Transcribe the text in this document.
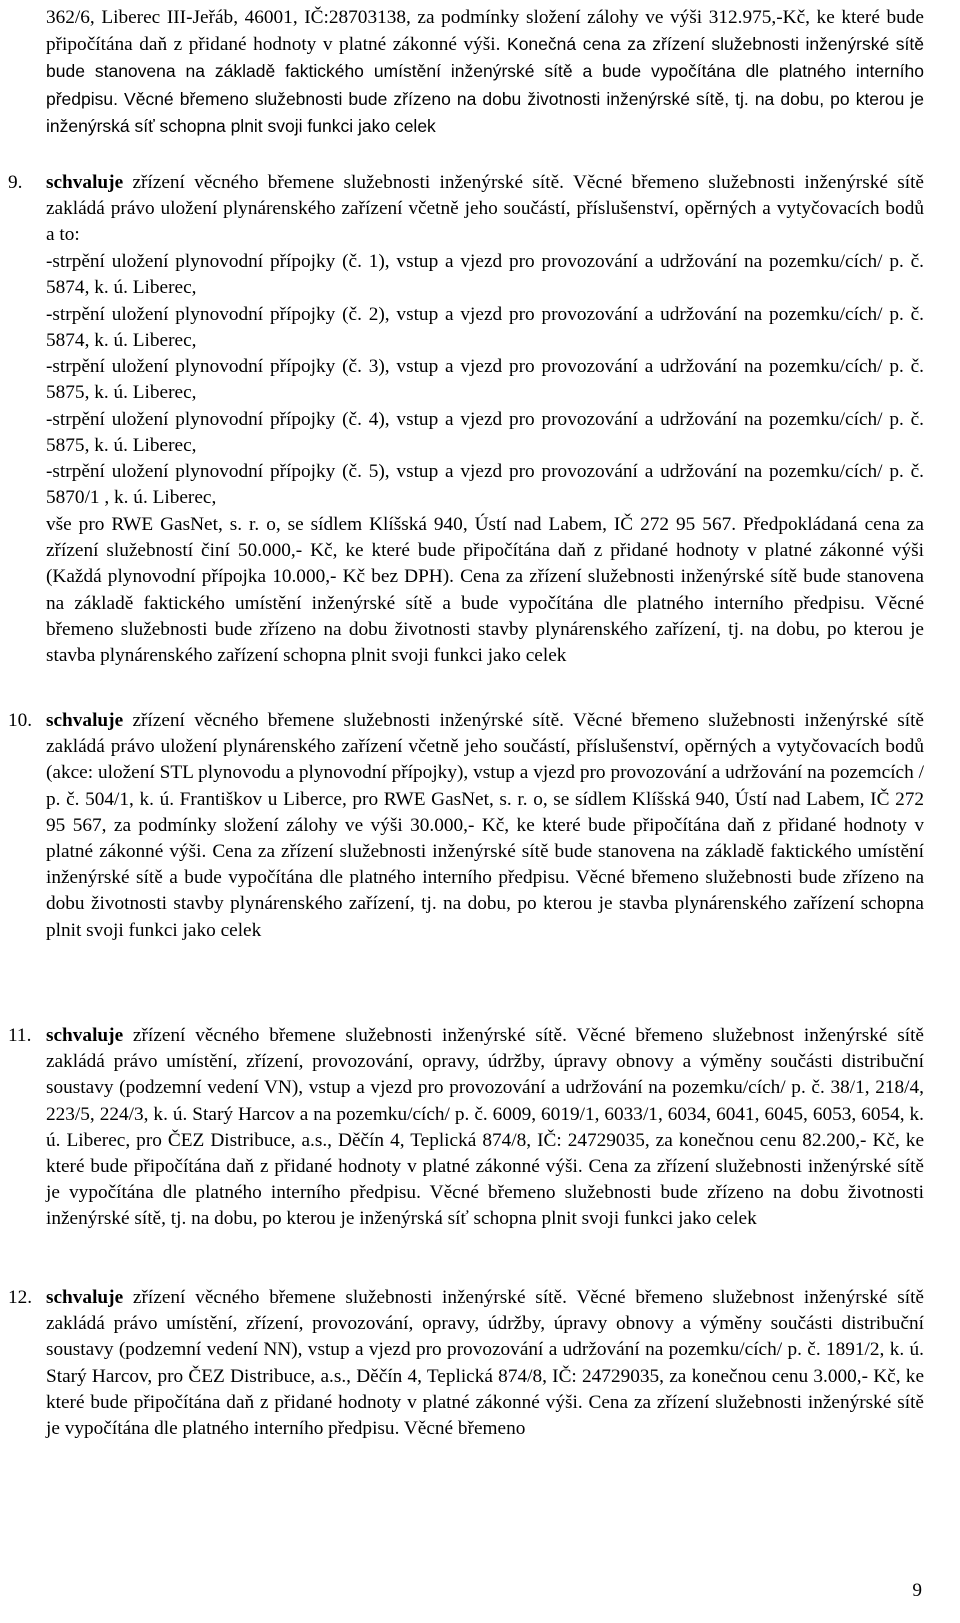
362/6, Liberec III-Jeřáb, 46001, IČ:28703138, za podmínky složení zálohy ve výši 312.975,-Kč, ke které bude připočítána daň z přidané hodnoty v platné zákonné výši. Konečná cena za zřízení služebnosti inženýrské sítě bude stanovena na základě faktického umístění inženýrské sítě a bude vypočítána dle platného interního předpisu. Věcné břemeno služebnosti bude zřízeno na dobu životnosti inženýrské sítě, tj. na dobu, po kterou je inženýrská síť schopna plnit svoji funkci jako celek

9. schvaluje zřízení věcného břemene služebnosti inženýrské sítě. Věcné břemeno služebnosti inženýrské sítě zakládá právo uložení plynárenského zařízení včetně jeho součástí, příslušenství, opěrných a vytyčovacích bodů a to:

-strpění uložení plynovodní přípojky (č. 1), vstup a vjezd pro provozování a udržování na pozemku/cích/ p. č. 5874, k. ú. Liberec,

-strpění uložení plynovodní přípojky (č. 2), vstup a vjezd pro provozování a udržování na pozemku/cích/ p. č. 5874, k. ú. Liberec,

-strpění uložení plynovodní přípojky (č. 3), vstup a vjezd pro provozování a udržování na pozemku/cích/ p. č. 5875, k. ú. Liberec,

-strpění uložení plynovodní přípojky (č. 4), vstup a vjezd pro provozování a udržování na pozemku/cích/ p. č. 5875, k. ú. Liberec,

-strpění uložení plynovodní přípojky (č. 5), vstup a vjezd pro provozování a udržování na pozemku/cích/ p. č. 5870/1 , k. ú. Liberec,

vše pro RWE GasNet, s. r. o, se sídlem Klíšská 940, Ústí nad Labem, IČ 272 95 567. Předpokládaná cena za zřízení služebností činí 50.000,- Kč, ke které bude připočítána daň z přidané hodnoty v platné zákonné výši (Každá plynovodní přípojka 10.000,- Kč bez DPH). Cena za zřízení služebnosti inženýrské sítě bude stanovena na základě faktického umístění inženýrské sítě a bude vypočítána dle platného interního předpisu. Věcné břemeno služebnosti bude zřízeno na dobu životnosti stavby plynárenského zařízení, tj. na dobu, po kterou je stavba plynárenského zařízení schopna plnit svoji funkci jako celek

10. schvaluje zřízení věcného břemene služebnosti inženýrské sítě. Věcné břemeno služebnosti inženýrské sítě zakládá právo uložení plynárenského zařízení včetně jeho součástí, příslušenství, opěrných a vytyčovacích bodů (akce: uložení STL plynovodu a plynovodní přípojky), vstup a vjezd pro provozování a udržování na pozemcích / p. č. 504/1, k. ú. Františkov u Liberce, pro RWE GasNet, s. r. o, se sídlem Klíšská 940, Ústí nad Labem, IČ 272 95 567, za podmínky složení zálohy ve výši 30.000,- Kč, ke které bude připočítána daň z přidané hodnoty v platné zákonné výši. Cena za zřízení služebnosti inženýrské sítě bude stanovena na základě faktického umístění inženýrské sítě a bude vypočítána dle platného interního předpisu. Věcné břemeno služebnosti bude zřízeno na dobu životnosti stavby plynárenského zařízení, tj. na dobu, po kterou je stavba plynárenského zařízení schopna plnit svoji funkci jako celek

11. schvaluje zřízení věcného břemene služebnosti inženýrské sítě. Věcné břemeno služebnost inženýrské sítě zakládá právo umístění, zřízení, provozování, opravy, údržby, úpravy obnovy a výměny součásti distribuční soustavy (podzemní vedení VN), vstup a vjezd pro provozování a udržování na pozemku/cích/ p. č. 38/1, 218/4, 223/5, 224/3, k. ú. Starý Harcov a na pozemku/cích/ p. č. 6009, 6019/1, 6033/1, 6034, 6041, 6045, 6053, 6054, k. ú. Liberec, pro ČEZ Distribuce, a.s., Děčín 4, Teplická 874/8, IČ: 24729035, za konečnou cenu 82.200,- Kč, ke které bude připočítána daň z přidané hodnoty v platné zákonné výši. Cena za zřízení služebnosti inženýrské sítě je vypočítána dle platného interního předpisu. Věcné břemeno služebnosti bude zřízeno na dobu životnosti inženýrské sítě, tj. na dobu, po kterou je inženýrská síť schopna plnit svoji funkci jako celek

12. schvaluje zřízení věcného břemene služebnosti inženýrské sítě. Věcné břemeno služebnost inženýrské sítě zakládá právo umístění, zřízení, provozování, opravy, údržby, úpravy obnovy a výměny součásti distribuční soustavy (podzemní vedení NN), vstup a vjezd pro provozování a udržování na pozemku/cích/ p. č. 1891/2, k. ú. Starý Harcov, pro ČEZ Distribuce, a.s., Děčín 4, Teplická 874/8, IČ: 24729035, za konečnou cenu 3.000,- Kč, ke které bude připočítána daň z přidané hodnoty v platné zákonné výši. Cena za zřízení služebnosti inženýrské sítě je vypočítána dle platného interního předpisu. Věcné břemeno

9
